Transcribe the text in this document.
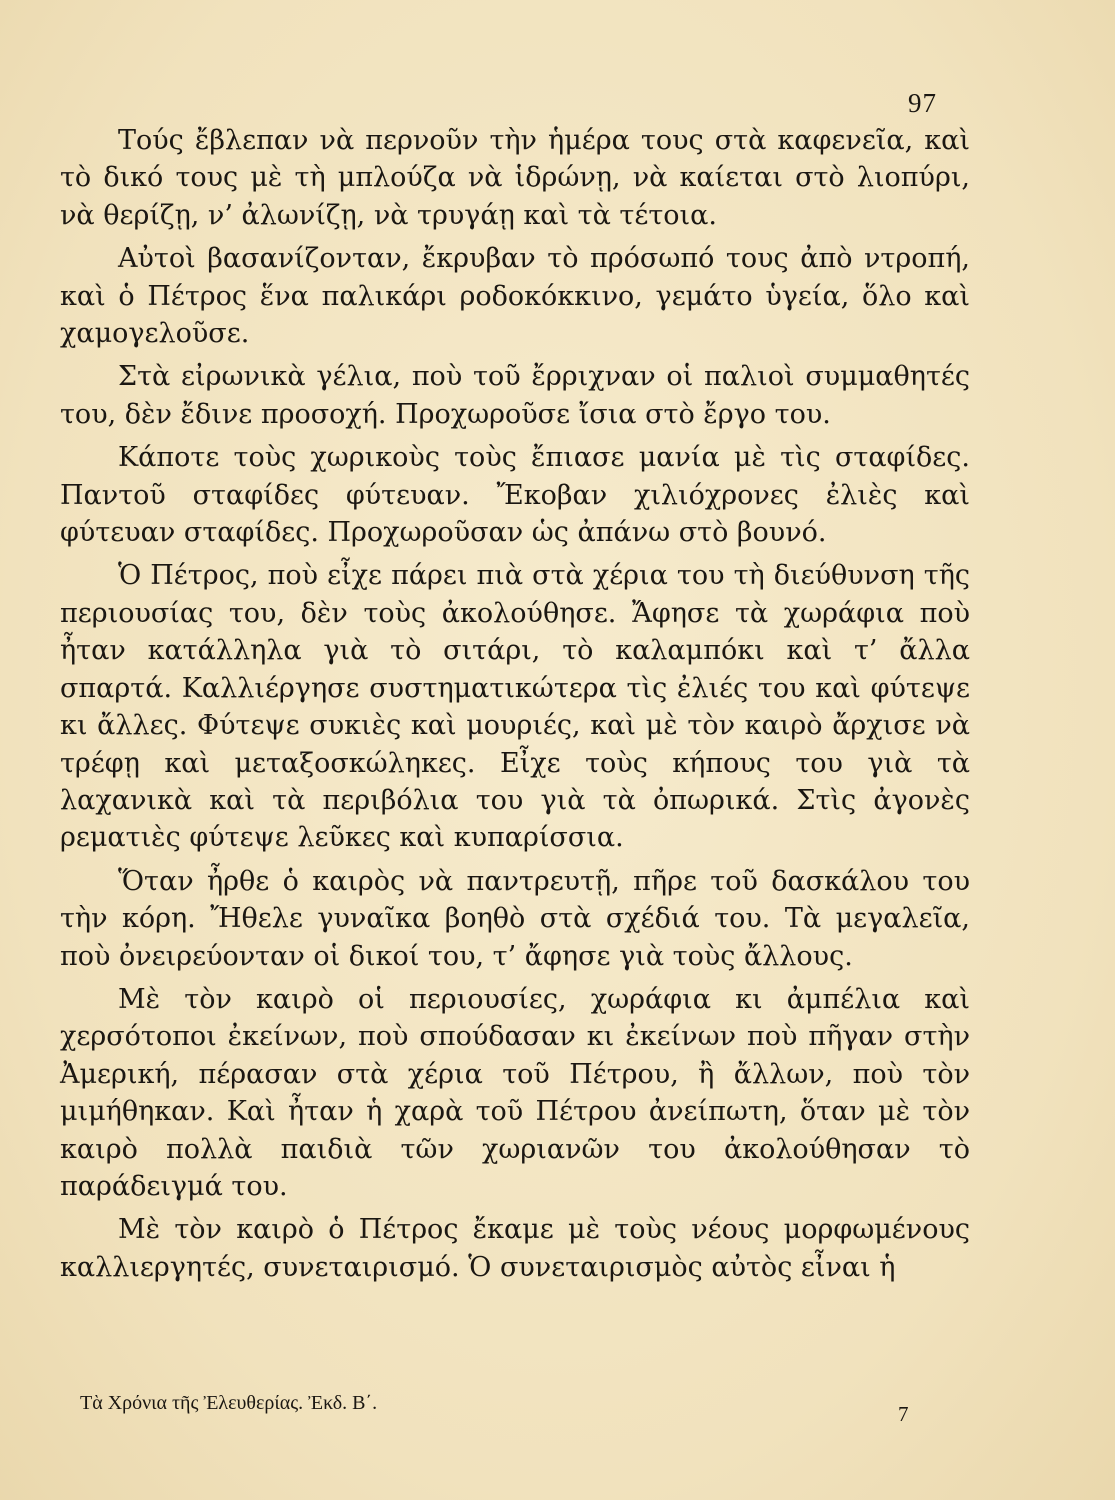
97

Τούς ἔβλεπαν νὰ περνοῦν τὴν ἡμέρα τους στὰ καφενεῖα, καὶ τὸ δικό τους μὲ τὴ μπλούζα νὰ ἱδρώνῃ, νὰ καίεται στὸ λιοπύρι, νὰ θερίζῃ, ν’ ἀλωνίζῃ, νὰ τρυγάῃ καὶ τὰ τέτοια.

Αὐτοὶ βασανίζονταν, ἔκρυβαν τὸ πρόσωπό τους ἀπὸ ντροπή, καὶ ὁ Πέτρος ἕνα παλικάρι ροδοκόκκινο, γεμάτο ὑγεία, ὅλο καὶ χαμογελοῦσε.

Στὰ εἰρωνικὰ γέλια, ποὺ τοῦ ἔρριχναν οἱ παλιοὶ συμμαθητές του, δὲν ἔδινε προσοχή. Προχωροῦσε ἴσια στὸ ἔργο του.

Κάποτε τοὺς χωρικοὺς τοὺς ἔπιασε μανία μὲ τὶς σταφίδες. Παντοῦ σταφίδες φύτευαν. Ἔκοβαν χιλιόχρονες ἐλιὲς καὶ φύτευαν σταφίδες. Προχωροῦσαν ὡς ἀπάνω στὸ βουνό.

Ὁ Πέτρος, ποὺ εἶχε πάρει πιὰ στὰ χέρια του τὴ διεύθυνση τῆς περιουσίας του, δὲν τοὺς ἀκολούθησε. Ἄφησε τὰ χωράφια ποὺ ἦταν κατάλληλα γιὰ τὸ σιτάρι, τὸ καλαμπόκι καὶ τ’ ἄλλα σπαρτά. Καλλιέργησε συστηματικώτερα τὶς ἐλιές του καὶ φύτεψε κι ἄλλες. Φύτεψε συκιὲς καὶ μουριές, καὶ μὲ τὸν καιρὸ ἄρχισε νὰ τρέφῃ καὶ μεταξοσκώληκες. Εἶχε τοὺς κήπους του γιὰ τὰ λαχανικὰ καὶ τὰ περιβόλια του γιὰ τὰ ὀπωρικά. Στὶς ἀγονὲς ρεματιὲς φύτεψε λεῦκες καὶ κυπαρίσσια.

Ὅταν ἦρθε ὁ καιρὸς νὰ παντρευτῇ, πῆρε τοῦ δασκάλου του τὴν κόρη. Ἤθελε γυναῖκα βοηθὸ στὰ σχέδιά του. Τὰ μεγαλεῖα, ποὺ ὀνειρεύονταν οἱ δικοί του, τ’ ἄφησε γιὰ τοὺς ἄλλους.

Μὲ τὸν καιρὸ οἱ περιουσίες, χωράφια κι ἀμπέλια καὶ χερσότοποι ἐκείνων, ποὺ σπούδασαν κι ἐκείνων ποὺ πῆγαν στὴν Ἀμερική, πέρασαν στὰ χέρια τοῦ Πέτρου, ἢ ἄλλων, ποὺ τὸν μιμήθηκαν. Καὶ ἦταν ἡ χαρὰ τοῦ Πέτρου ἀνείπωτη, ὅταν μὲ τὸν καιρὸ πολλὰ παιδιὰ τῶν χωριανῶν του ἀκολούθησαν τὸ παράδειγμά του.

Μὲ τὸν καιρὸ ὁ Πέτρος ἔκαμε μὲ τοὺς νέους μορφωμένους καλλιεργητές, συνεταιρισμό. Ὁ συνεταιρισμὸς αὐτὸς εἶναι ἡ

Τὰ Χρόνια τῆς Ἐλευθερίας. Ἐκδ. Β΄.	7
